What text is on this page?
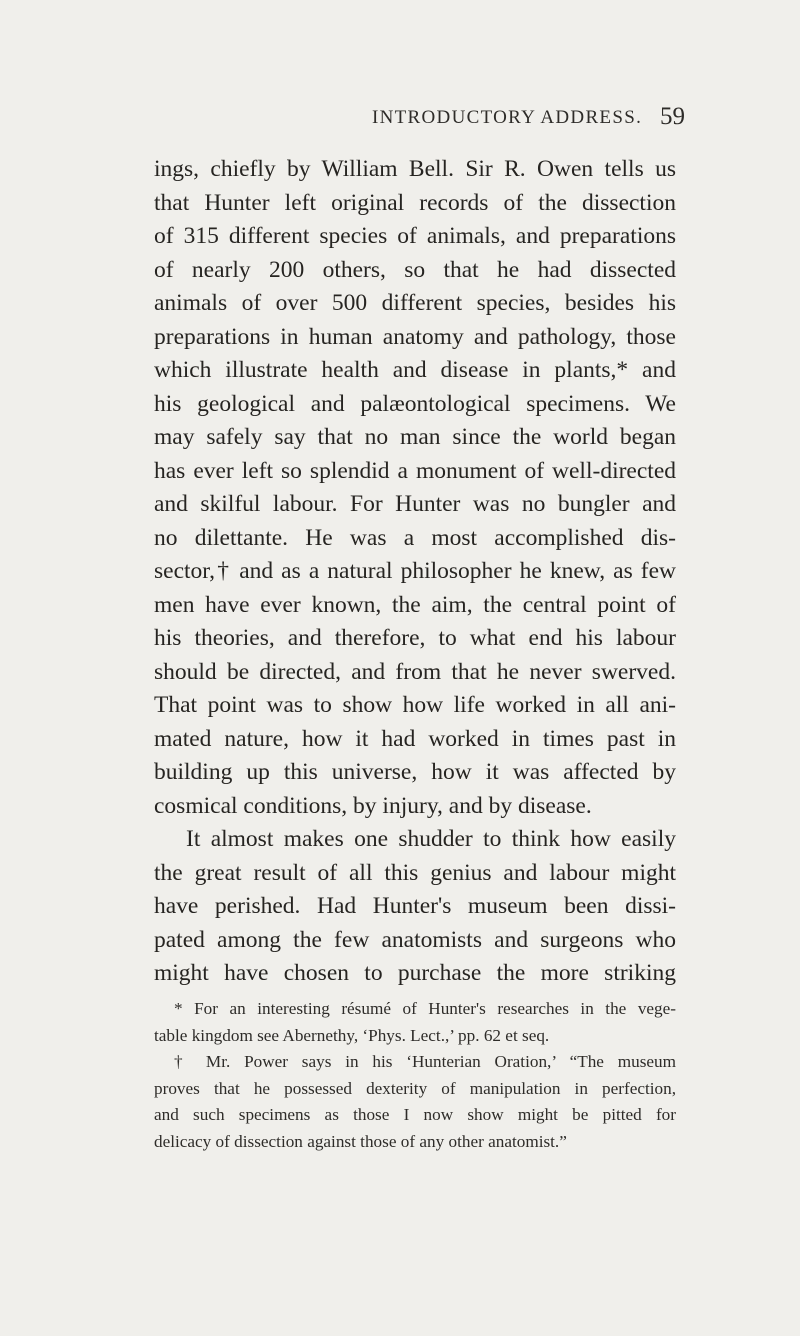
INTRODUCTORY ADDRESS. 59
ings, chiefly by William Bell. Sir R. Owen tells us
that Hunter left original records of the dissection
of 315 different species of animals, and preparations
of nearly 200 others, so that he had dissected
animals of over 500 different species, besides his
preparations in human anatomy and pathology, those
which illustrate health and disease in plants,* and
his geological and palæontological specimens. We
may safely say that no man since the world began
has ever left so splendid a monument of well-directed
and skilful labour. For Hunter was no bungler and
no dilettante. He was a most accomplished dis-
sector,† and as a natural philosopher he knew, as few
men have ever known, the aim, the central point of
his theories, and therefore, to what end his labour
should be directed, and from that he never swerved.
That point was to show how life worked in all ani-
mated nature, how it had worked in times past in
building up this universe, how it was affected by
cosmical conditions, by injury, and by disease.
It almost makes one shudder to think how easily
the great result of all this genius and labour might
have perished. Had Hunter's museum been dissi-
pated among the few anatomists and surgeons who
might have chosen to purchase the more striking
* For an interesting résumé of Hunter's researches in the vege-
table kingdom see Abernethy, ‘Phys. Lect.,’ pp. 62 et seq.
† Mr. Power says in his ‘Hunterian Oration,’ “The museum
proves that he possessed dexterity of manipulation in perfection,
and such specimens as those I now show might be pitted for
delicacy of dissection against those of any other anatomist.”
